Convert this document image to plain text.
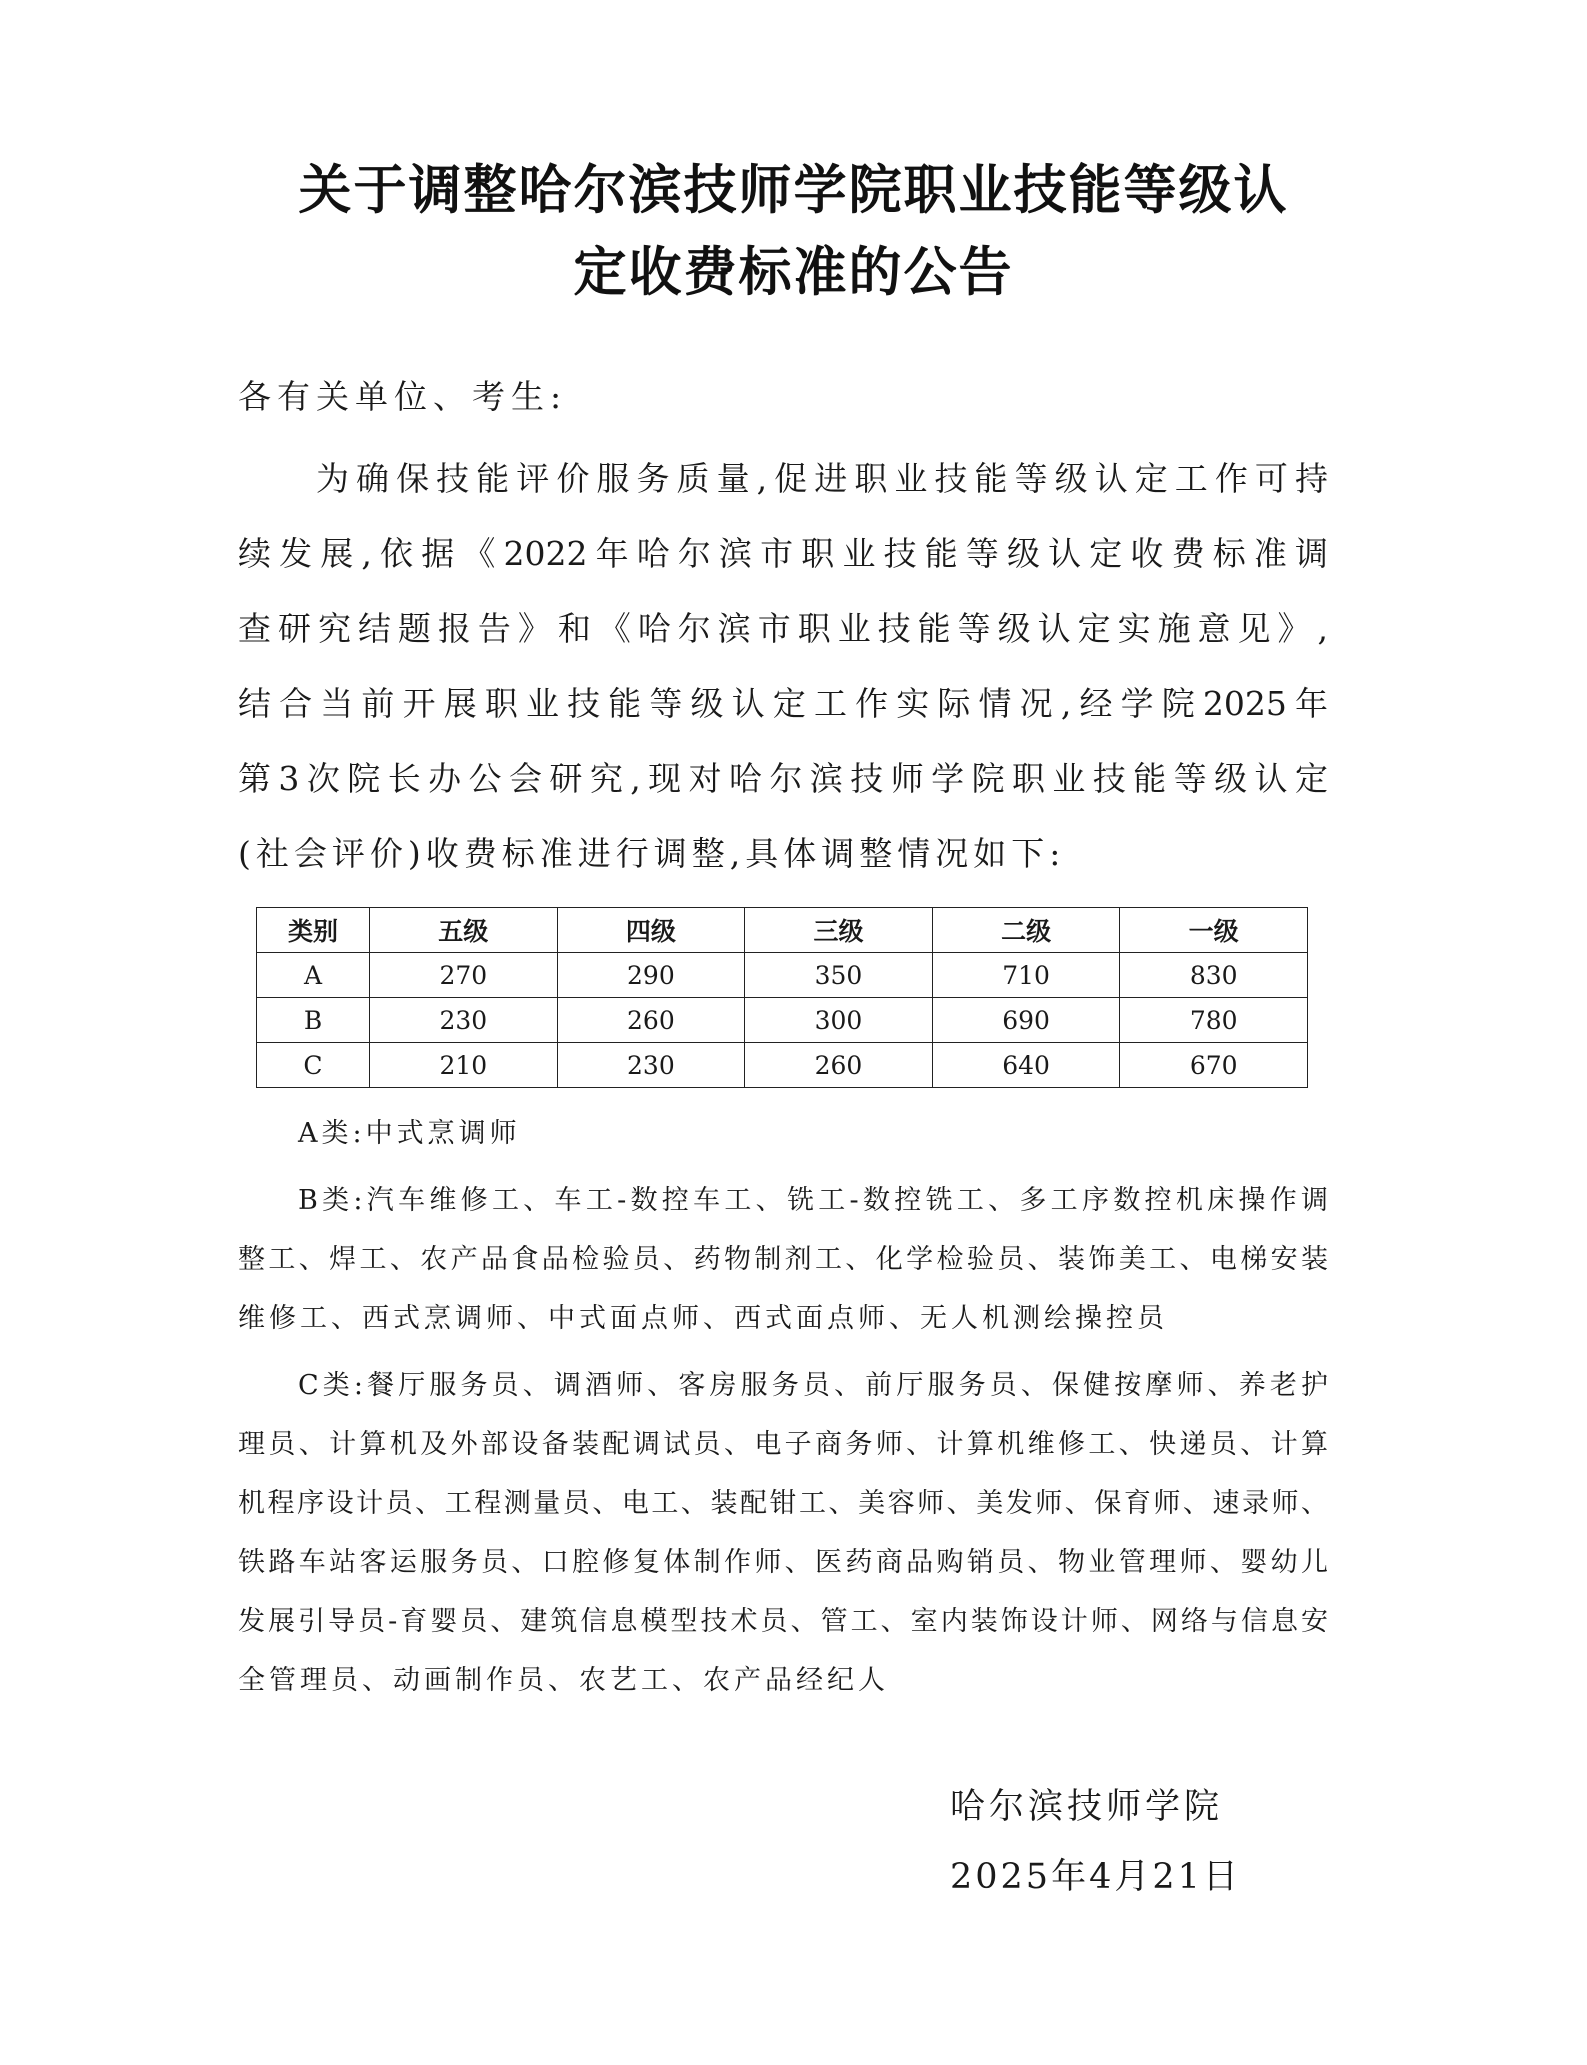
关于调整哈尔滨技师学院职业技能等级认
定收费标准的公告
各有关单位、考生:
为确保技能评价服务质量,促进职业技能等级认定工作可持
续发展,依据《2022年哈尔滨市职业技能等级认定收费标准调
查研究结题报告》和《哈尔滨市职业技能等级认定实施意见》,
结合当前开展职业技能等级认定工作实际情况,经学院2025年
第3次院长办公会研究,现对哈尔滨技师学院职业技能等级认定
(社会评价)收费标准进行调整,具体调整情况如下:
类别	五级	四级	三级	二级	一级
A	270	290	350	710	830
B	230	260	300	690	780
C	210	230	260	640	670
A类:中式烹调师
B类:汽车维修工、车工-数控车工、铣工-数控铣工、多工序数控机床操作调
整工、焊工、农产品食品检验员、药物制剂工、化学检验员、装饰美工、电梯安装
维修工、西式烹调师、中式面点师、西式面点师、无人机测绘操控员
C类:餐厅服务员、调酒师、客房服务员、前厅服务员、保健按摩师、养老护
理员、计算机及外部设备装配调试员、电子商务师、计算机维修工、快递员、计算
机程序设计员、工程测量员、电工、装配钳工、美容师、美发师、保育师、速录师、
铁路车站客运服务员、口腔修复体制作师、医药商品购销员、物业管理师、婴幼儿
发展引导员-育婴员、建筑信息模型技术员、管工、室内装饰设计师、网络与信息安
全管理员、动画制作员、农艺工、农产品经纪人
哈尔滨技师学院
2025年4月21日
